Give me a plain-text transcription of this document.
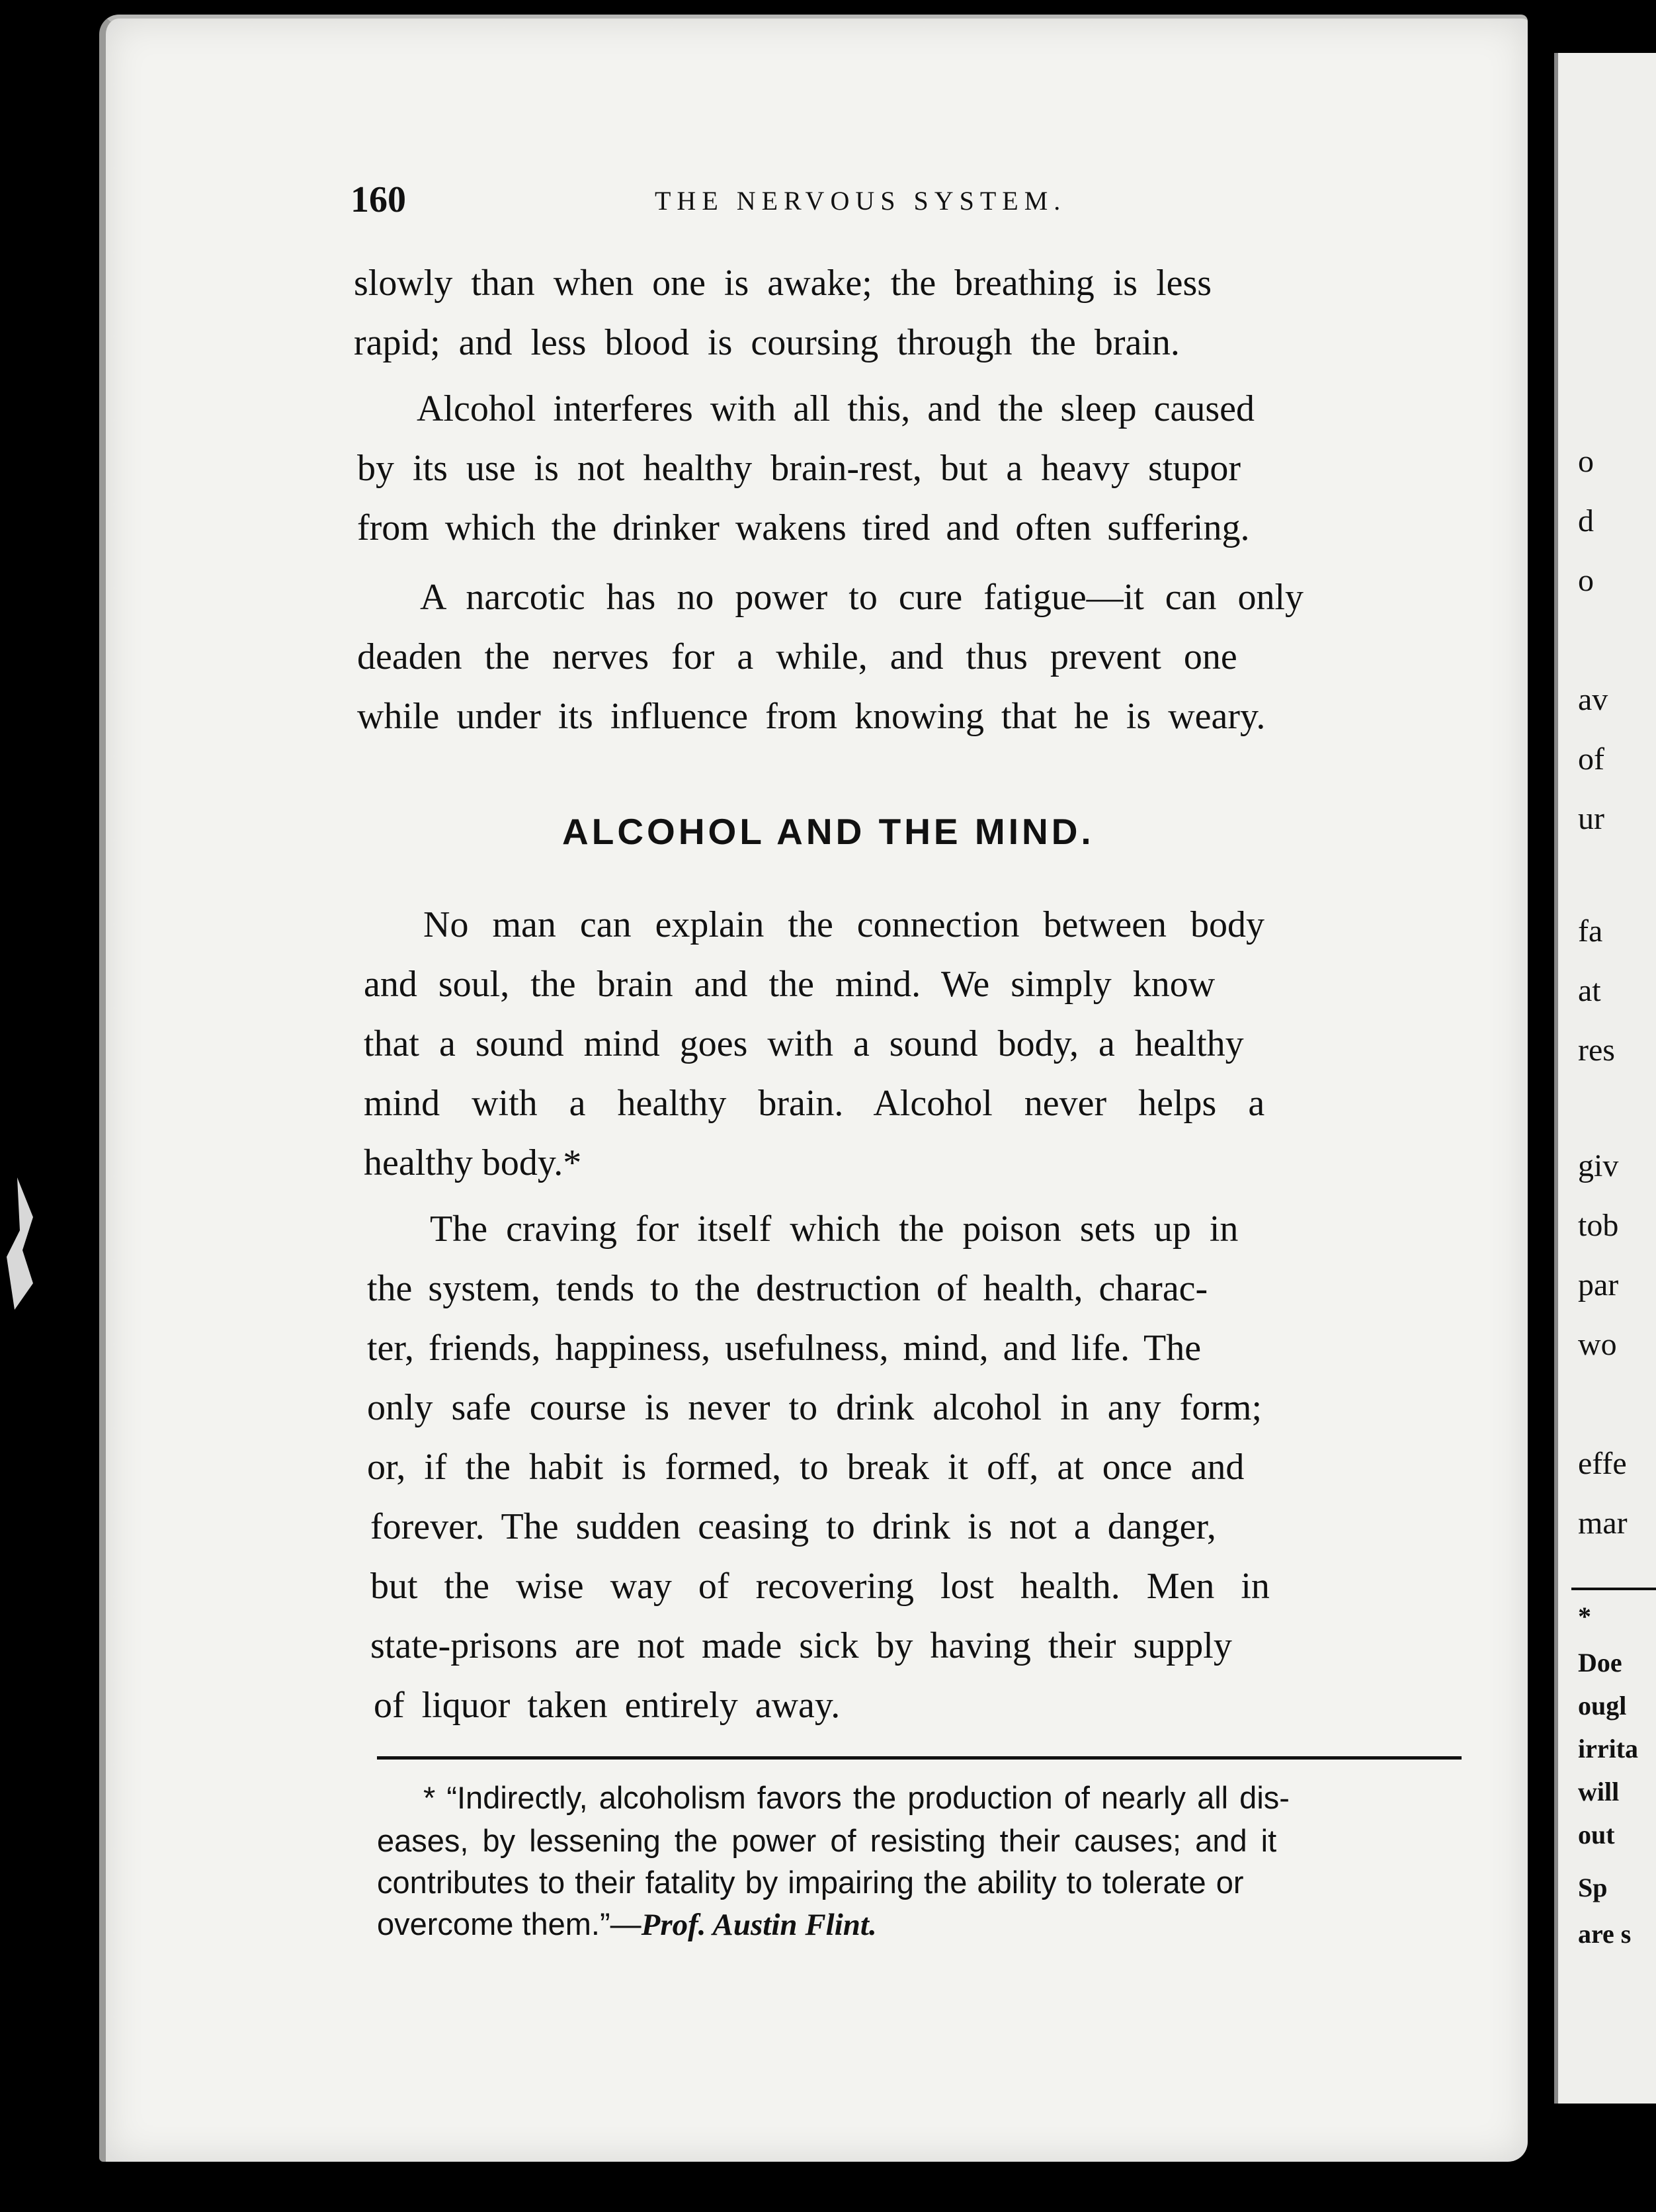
o
d
o
av
of
ur
fa
at
res
giv
tob
par
wo
effe
mar
*
Doe
ougl
irrita
will
out
Sp
are s
160	THE NERVOUS SYSTEM.
slowly than when one is awake; the breathing is less
rapid; and less blood is coursing through the brain.
Alcohol interferes with all this, and the sleep caused
by its use is not healthy brain-rest, but a heavy stupor
from which the drinker wakens tired and often suffering.
A narcotic has no power to cure fatigue—it can only
deaden the nerves for a while, and thus prevent one
while under its influence from knowing that he is weary.
ALCOHOL AND THE MIND.
No man can explain the connection between body
and soul, the brain and the mind. We simply know
that a sound mind goes with a sound body, a healthy
mind with a healthy brain. Alcohol never helps a
healthy body.*
The craving for itself which the poison sets up in
the system, tends to the destruction of health, charac-
ter, friends, happiness, usefulness, mind, and life. The
only safe course is never to drink alcohol in any form;
or, if the habit is formed, to break it off, at once and
forever. The sudden ceasing to drink is not a danger,
but the wise way of recovering lost health. Men in
state-prisons are not made sick by having their supply
of liquor taken entirely away.
* “Indirectly, alcoholism favors the production of nearly all dis-
eases, by lessening the power of resisting their causes; and it
contributes to their fatality by impairing the ability to tolerate or
overcome them.”—Prof. Austin Flint.
